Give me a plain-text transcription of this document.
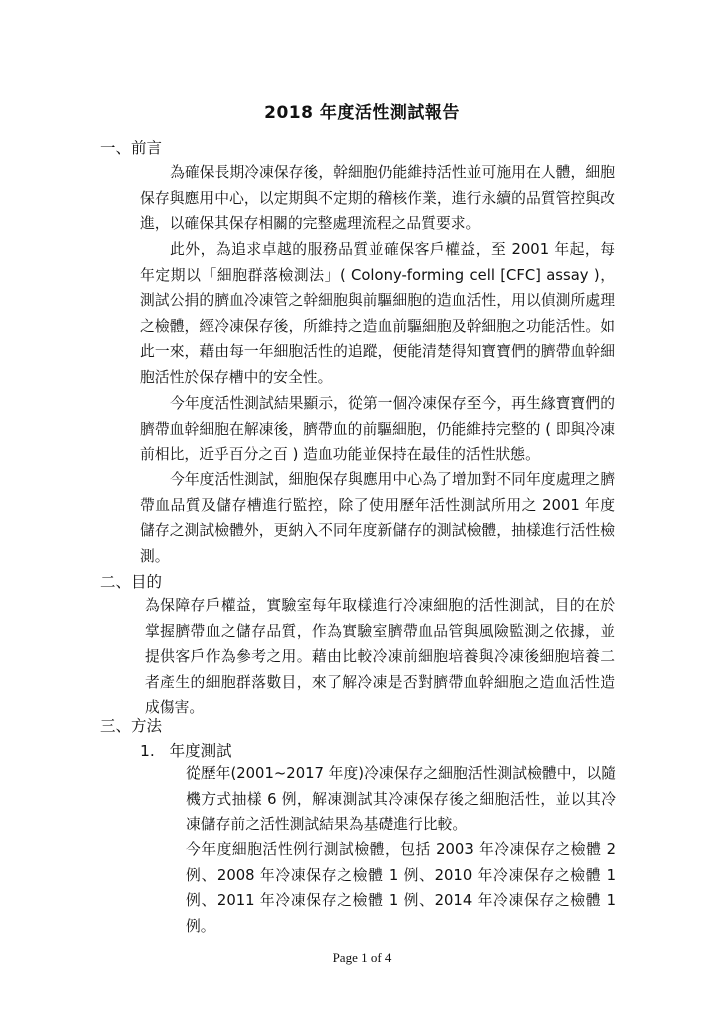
2018 年度活性測試報告
一、前言

為確保長期冷凍保存後，幹細胞仍能維持活性並可施用在人體，細胞保存與應用中心，以定期與不定期的稽核作業，進行永續的品質管控與改進，以確保其保存相關的完整處理流程之品質要求。

此外，為追求卓越的服務品質並確保客戶權益，至 2001 年起，每年定期以「細胞群落檢測法」( Colony-forming cell [CFC] assay )，測試公捐的臍血冷凍管之幹細胞與前驅細胞的造血活性，用以偵測所處理之檢體，經冷凍保存後，所維持之造血前驅細胞及幹細胞之功能活性。如此一來，藉由每一年細胞活性的追蹤，便能清楚得知寶寶們的臍帶血幹細胞活性於保存槽中的安全性。

今年度活性測試結果顯示，從第一個冷凍保存至今，再生緣寶寶們的臍帶血幹細胞在解凍後，臍帶血的前驅細胞，仍能維持完整的 ( 即與冷凍前相比，近乎百分之百 ) 造血功能並保持在最佳的活性狀態。

今年度活性測試，細胞保存與應用中心為了增加對不同年度處理之臍帶血品質及儲存槽進行監控，除了使用歷年活性測試所用之 2001 年度儲存之測試檢體外，更納入不同年度新儲存的測試檢體，抽樣進行活性檢測。

二、目的

為保障存戶權益，實驗室每年取樣進行冷凍細胞的活性測試，目的在於掌握臍帶血之儲存品質，作為實驗室臍帶血品管與風險監測之依據，並提供客戶作為參考之用。藉由比較冷凍前細胞培養與冷凍後細胞培養二者產生的細胞群落數目，來了解冷凍是否對臍帶血幹細胞之造血活性造成傷害。

三、方法
1.   年度測試

從歷年(2001~2017 年度)冷凍保存之細胞活性測試檢體中，以隨機方式抽樣 6 例，解凍測試其冷凍保存後之細胞活性，並以其冷凍儲存前之活性測試結果為基礎進行比較。

今年度細胞活性例行測試檢體，包括 2003 年冷凍保存之檢體 2 例、2008 年冷凍保存之檢體 1 例、2010 年冷凍保存之檢體 1 例、2011 年冷凍保存之檢體 1 例、2014 年冷凍保存之檢體 1 例。

Page 1 of 4
